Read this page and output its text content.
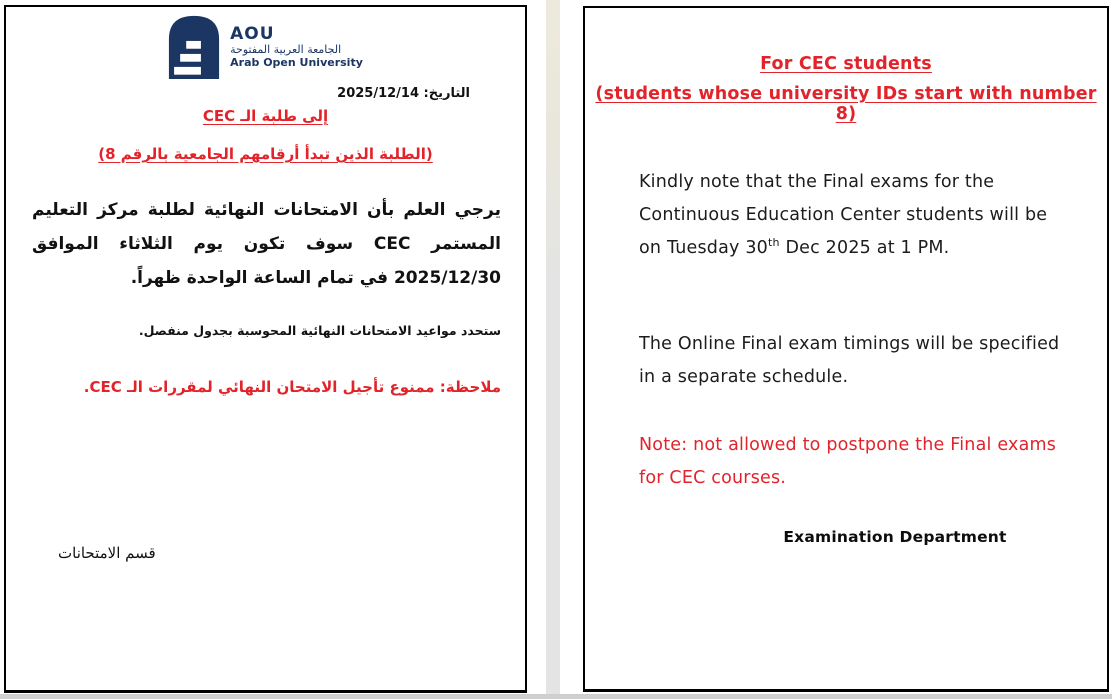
AOU
الجامعة العربية المفتوحة
Arab Open University
التاريخ: 2025/12/14
إلى طلبة الـ CEC
(الطلبة الذين تبدأ أرقامهم الجامعية بالرقم 8)

يرجي العلم بأن الامتحانات النهائية لطلبة مركز التعليم المستمر CEC سوف تكون يوم الثلاثاء الموافق 2025/12/30 في تمام الساعة الواحدة ظهراً.

ستحدد مواعيد الامتحانات النهائية المحوسبة بجدول منفصل.
ملاحظة: ممنوع تأجيل الامتحان النهائي لمقررات الـ CEC.
قسم الامتحانات
For CEC students
(students whose university IDs start with number 8)

Kindly note that the Final exams for the Continuous Education Center students will be on Tuesday 30th Dec 2025 at 1 PM.

The Online Final exam timings will be specified in a separate schedule.

Note: not allowed to postpone the Final exams for CEC courses.

Examination Department
